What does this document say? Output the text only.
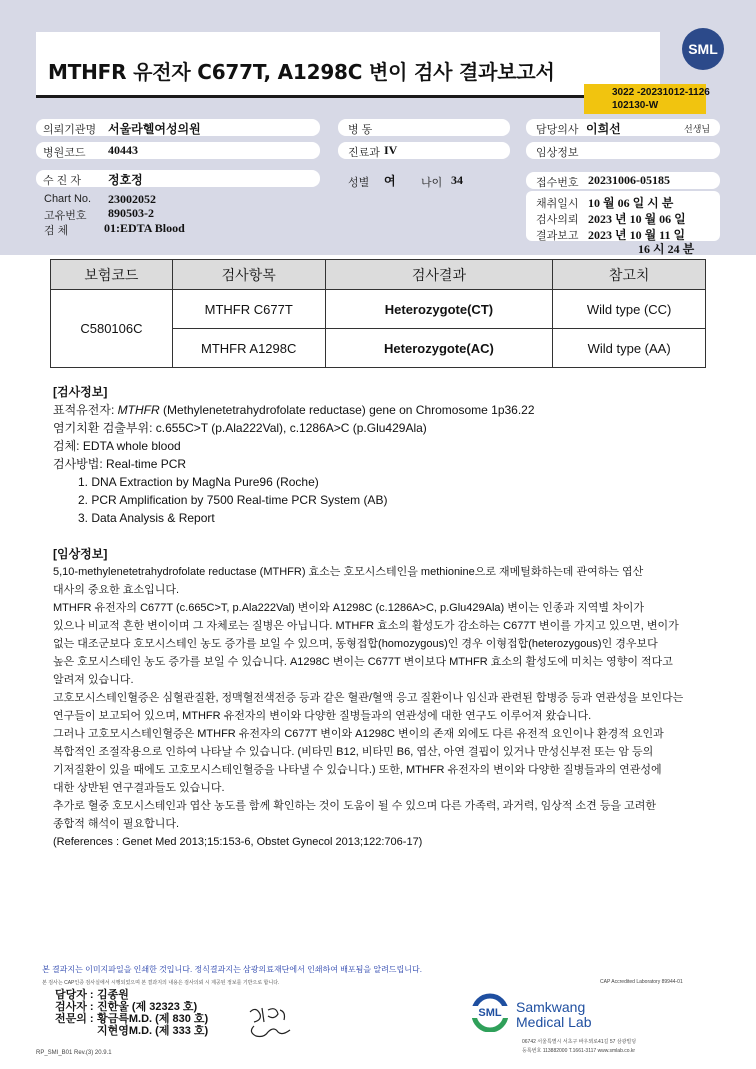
MTHFR 유전자 C677T, A1298C 변이 검사 결과보고서
SML
3022 -20231012-1126
102130-W
의뢰기관명 서울라헬여성의원
병원코드 40443
수 진 자 정호정
Chart No. 23002052
고유번호 890503-2
검 체	01:EDTA Blood
병 동
진료과 IV
성별 여 나이 34
담당의사 이희선	선생님
임상정보
접수번호 20231006-05185
채취일시 10 월 06 일 시 분
검사의뢰 2023 년 10 월 06 일
결과보고 2023 년 10 월 11 일
16 시 24 분
보험코드	검사항목	검사결과	참고치
C580106C	MTHFR C677T	Heterozygote(CT)	Wild type (CC)
	MTHFR A1298C	Heterozygote(AC)	Wild type (AA)

[검사정보]

표적유전자: MTHFR (Methylenetetrahydrofolate reductase) gene on Chromosome 1p36.22

염기치환 검출부위: c.655C>T (p.Ala222Val), c.1286A>C (p.Glu429Ala)

검체: EDTA whole blood

검사방법: Real-time PCR

1. DNA Extraction by MagNa Pure96 (Roche)

2. PCR Amplification by 7500 Real-time PCR System (AB)

3. Data Analysis & Report

[임상정보]

5,10-methylenetetrahydrofolate reductase (MTHFR) 효소는 호모시스테인을 methionine으로 재메틸화하는데 관여하는 엽산

대사의 중요한 효소입니다.

MTHFR 유전자의 C677T (c.665C>T, p.Ala222Val) 변이와 A1298C (c.1286A>C, p.Glu429Ala) 변이는 인종과 지역별 차이가

있으나 비교적 흔한 변이이며 그 자체로는 질병은 아닙니다. MTHFR 효소의 활성도가 감소하는 C677T 변이를 가지고 있으면, 변이가

없는 대조군보다 호모시스테인 농도 증가를 보일 수 있으며, 동형접합(homozygous)인 경우 이형접합(heterozygous)인 경우보다

높은 호모시스테인 농도 증가를 보일 수 있습니다. A1298C 변이는 C677T 변이보다 MTHFR 효소의 활성도에 미치는 영향이 적다고

알려져 있습니다.

고호모시스테인혈증은 심혈관질환, 정맥혈전색전증 등과 같은 혈관/혈액 응고 질환이나 임신과 관련된 합병증 등과 연관성을 보인다는

연구들이 보고되어 있으며, MTHFR 유전자의 변이와 다양한 질병들과의 연관성에 대한 연구도 이루어져 왔습니다.

그러나 고호모시스테인혈증은 MTHFR 유전자의 C677T 변이와 A1298C 변이의 존재 외에도 다른 유전적 요인이나 환경적 요인과

복합적인 조절작용으로 인하여 나타날 수 있습니다. (비타민 B12, 비타민 B6, 엽산, 아연 결핍이 있거나 만성신부전 또는 암 등의

기저질환이 있을 때에도 고호모시스테인혈증을 나타낼 수 있습니다.) 또한, MTHFR 유전자의 변이와 다양한 질병들과의 연관성에

대한 상반된 연구결과들도 있습니다.

추가로 혈중 호모시스테인과 엽산 농도를 함께 확인하는 것이 도움이 될 수 있으며 다른 가족력, 과거력, 임상적 소견 등을 고려한

종합적 해석이 필요합니다.

(References : Genet Med 2013;15:153-6, Obstet Gynecol 2013;122:706-17)

본 결과지는 이미지파일을 인쇄한 것입니다. 정식결과지는 삼광의료재단에서 인쇄하여 배포됨을 알려드립니다.
본 검사는 CAP인증 검사실에서 시행되었으며 본 결과지의 내용은 검사의뢰 시 제공된 정보를 기반으로 합니다.	CAP Accredited Laboratory 89944-01
담당자 : 김종원
검사자 : 진한울 (제 32323 호)
전문의 : 황금륵M.D. (제 830 호)
지현영M.D. (제 333 호)
SML Samkwang
Medical Lab
06742 서울특별시 서초구 바우뫼로41길 57 삼광빌딩
등록번호 113882000 T.1661-3117 www.smlab.co.kr
RP_SMI_B01 Rev.(3) 20.9.1
